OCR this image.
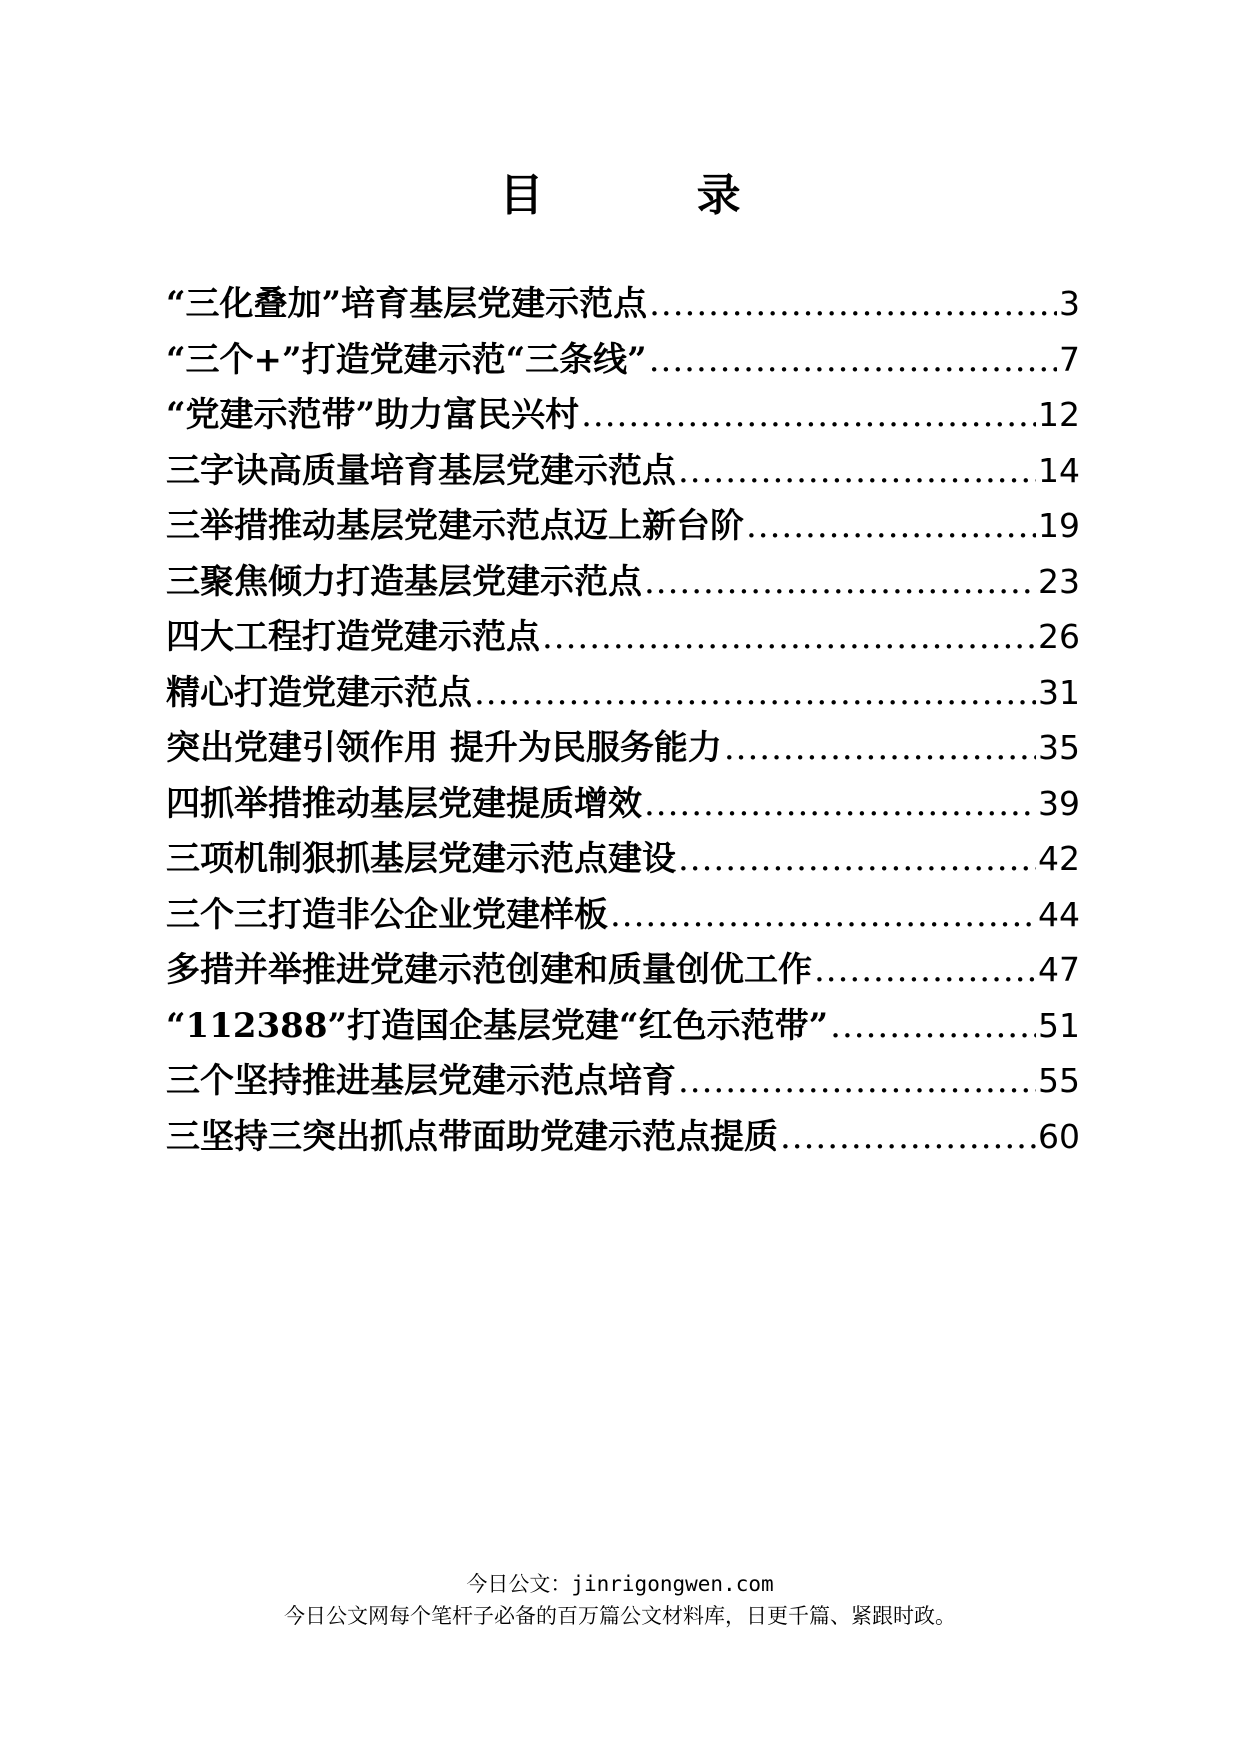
目          录
“三化叠加”培育基层党建示范点 .....	3
“三个+”打造党建示范“三条线” .....	7
“党建示范带”助力富民兴村 .....	12
三字诀高质量培育基层党建示范点 .....	14
三举措推动基层党建示范点迈上新台阶 .....	19
三聚焦倾力打造基层党建示范点 .....	23
四大工程打造党建示范点 .....	26
精心打造党建示范点 .....	31
突出党建引领作用 提升为民服务能力 .....	35
四抓举措推动基层党建提质增效 .....	39
三项机制狠抓基层党建示范点建设 .....	42
三个三打造非公企业党建样板 .....	44
多措并举推进党建示范创建和质量创优工作 .....	47
“112388”打造国企基层党建“红色示范带” .....	51
三个坚持推进基层党建示范点培育 .....	55
三坚持三突出抓点带面助党建示范点提质 .....	60
今日公文：jinrigongwen.com
今日公文网每个笔杆子必备的百万篇公文材料库，日更千篇、紧跟时政。
